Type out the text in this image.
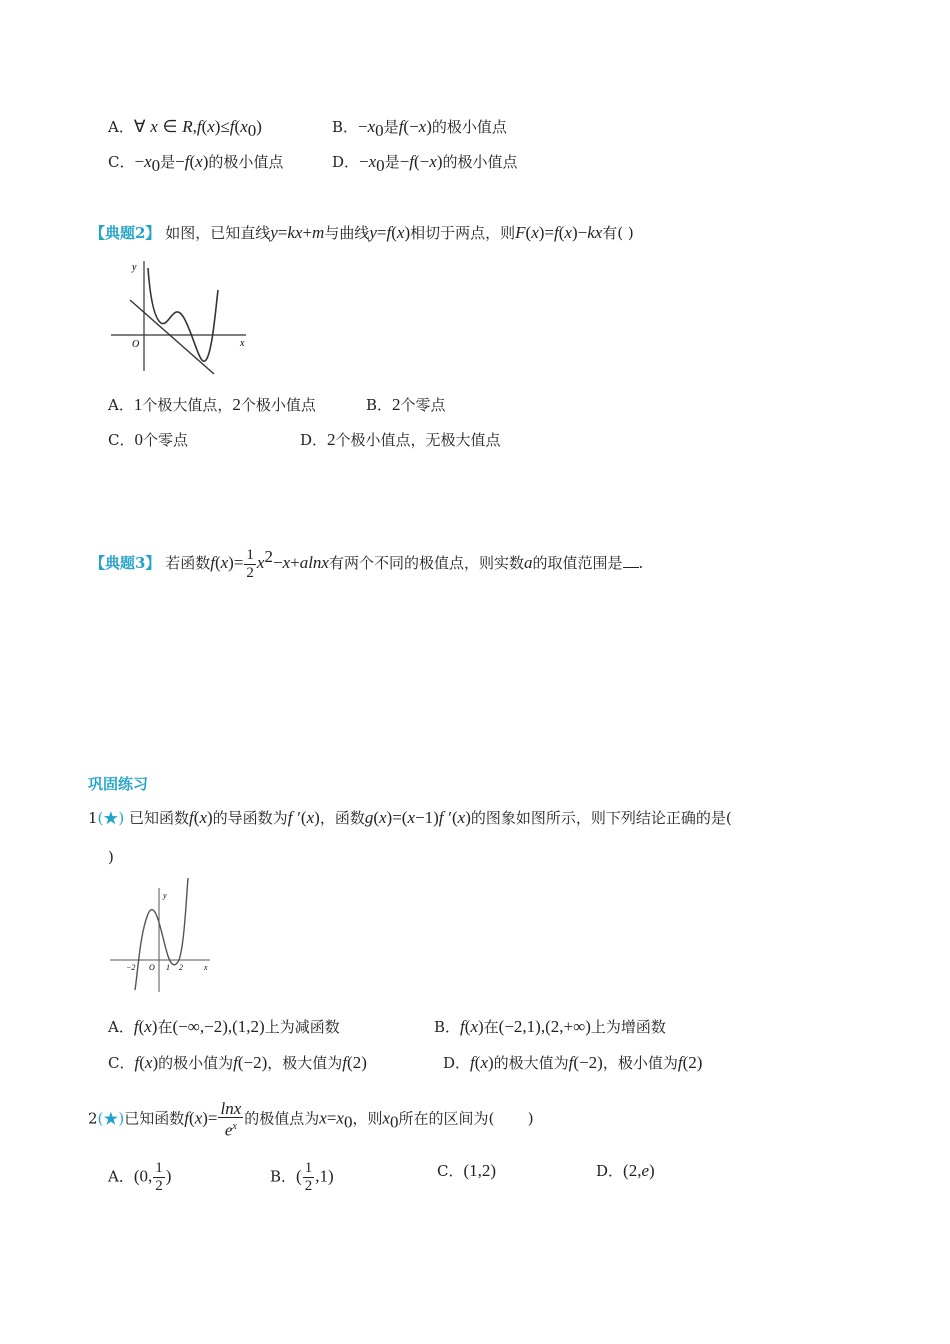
A．∀ x ∈ $R,f(x)\le f(x_0)$	B．$-x_0$是f(−x)的极小值点
C．$-x_0$是−f(x)的极小值点	D．$-x_0$是−f(−x)的极小值点
【典题2】 如图，已知直线y=kx+m与曲线y=f(x)相切于两点，则F(x)=f(x)−kx有( )
y
x
O
A．1个极大值点，2个极小值点	B．2个零点
C．0个零点	D．2个极小值点，无极大值点
【典题3】 若函数$f(x)= \frac{1}{2} x^2-x+alnx$有两个不同的极值点，则实数a的取值范围是 .
巩固练习
1(★) 已知函数f(x)的导函数为f ′(x)，函数g(x)=(x−1)f ′(x)的图象如图所示，则下列结论正确的是(
)
y
x
−2 O 1 2
A．f(x)在(−∞,−2),(1,2)上为减函数	B．f(x)在(−2,1),(2,+∞)上为增函数
C．f(x)的极小值为f(−2)，极大值为f(2)	D．f(x)的极大值为f(−2)，极小值为f(2)
2(★)已知函数$f(x)= \frac{\ln x}{e^x}$ 的极值点为$x=x_0$，则$x_0$所在的区间为(       )
A．(0, $\frac{1}{2}$ )	B．( $\frac{1}{2} ,1$)	C．(1,2)	D．(2,e)
